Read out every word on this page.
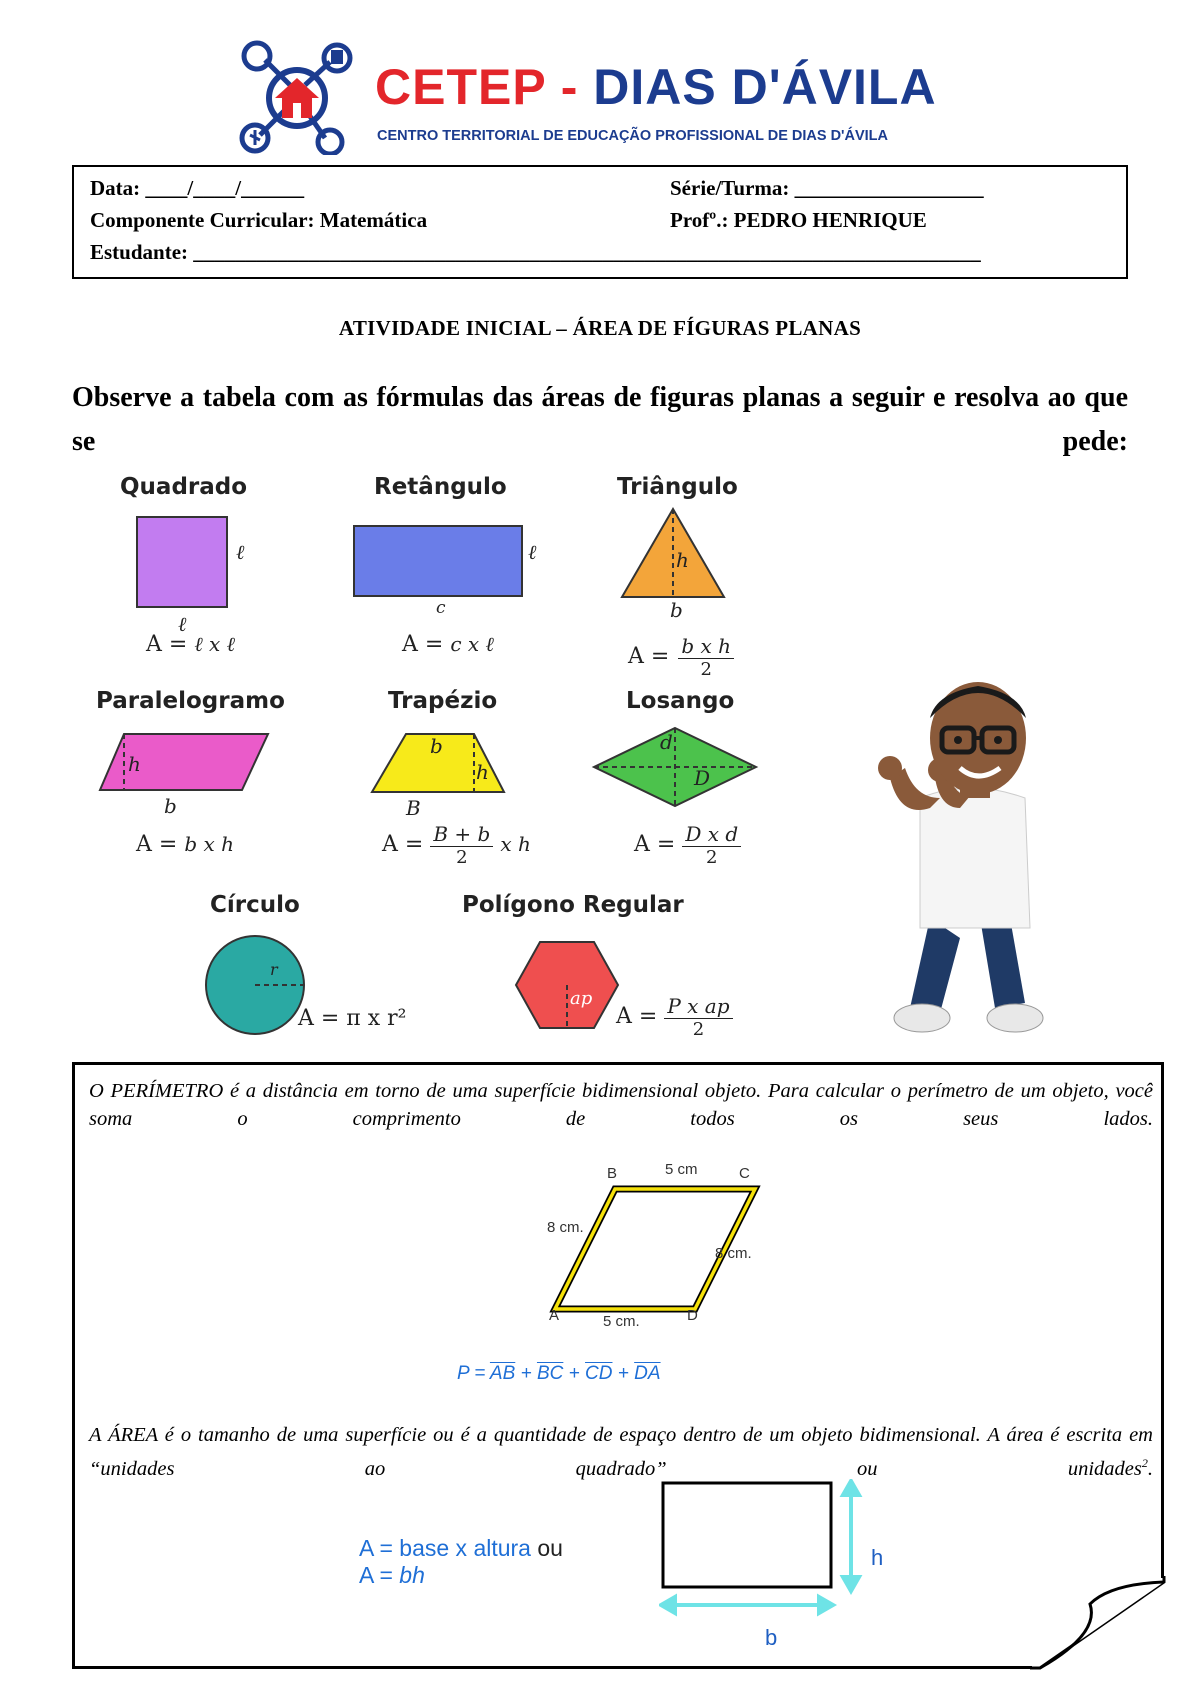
CETEP - DIAS D'ÁVILA
CENTRO TERRITORIAL DE EDUCAÇÃO PROFISSIONAL DE DIAS D'ÁVILA
Data: ____/____/______	Série/Turma: __________________
Componente Curricular: Matemática	Profº.: PEDRO HENRIQUE
Estudante: ___________________________________________________________________________
ATIVIDADE INICIAL – ÁREA DE FÍGURAS PLANAS
Observe a tabela com as fórmulas das áreas de figuras planas a seguir e resolva ao que se pede:
Quadrado
ℓ
ℓ
A = ℓ x ℓ
Retângulo
ℓ
c
A = c x ℓ
Triângulo
h
b
$A = \frac{\text{b x h}}{2}$
Paralelogramo
h
b
A = b x h
Trapézio
b
h
B
$A = \frac{B + b}{2}$ x h
Losango
d
D
$A = \frac{\text{D x d}}{2}$
Círculo
r
A = π x r²
Polígono Regular
ap
$A = \frac{\text{P x ap}}{2}$
O PERÍMETRO é a distância em torno de uma superfície bidimensional objeto. Para calcular o perímetro de um objeto, você soma o comprimento de todos os seus lados.
B	C
A	D
5 cm
5 cm.
8 cm.
8 cm.
$P = \overline{AB} + \overline{BC} + \overline{CD} + \overline{DA}$
A ÁREA é o tamanho de uma superfície ou é a quantidade de espaço dentro de um objeto bidimensional. A área é escrita em “unidades ao quadrado” ou unidades$^2$.
A = base x altura ou
A = bh
h
b
